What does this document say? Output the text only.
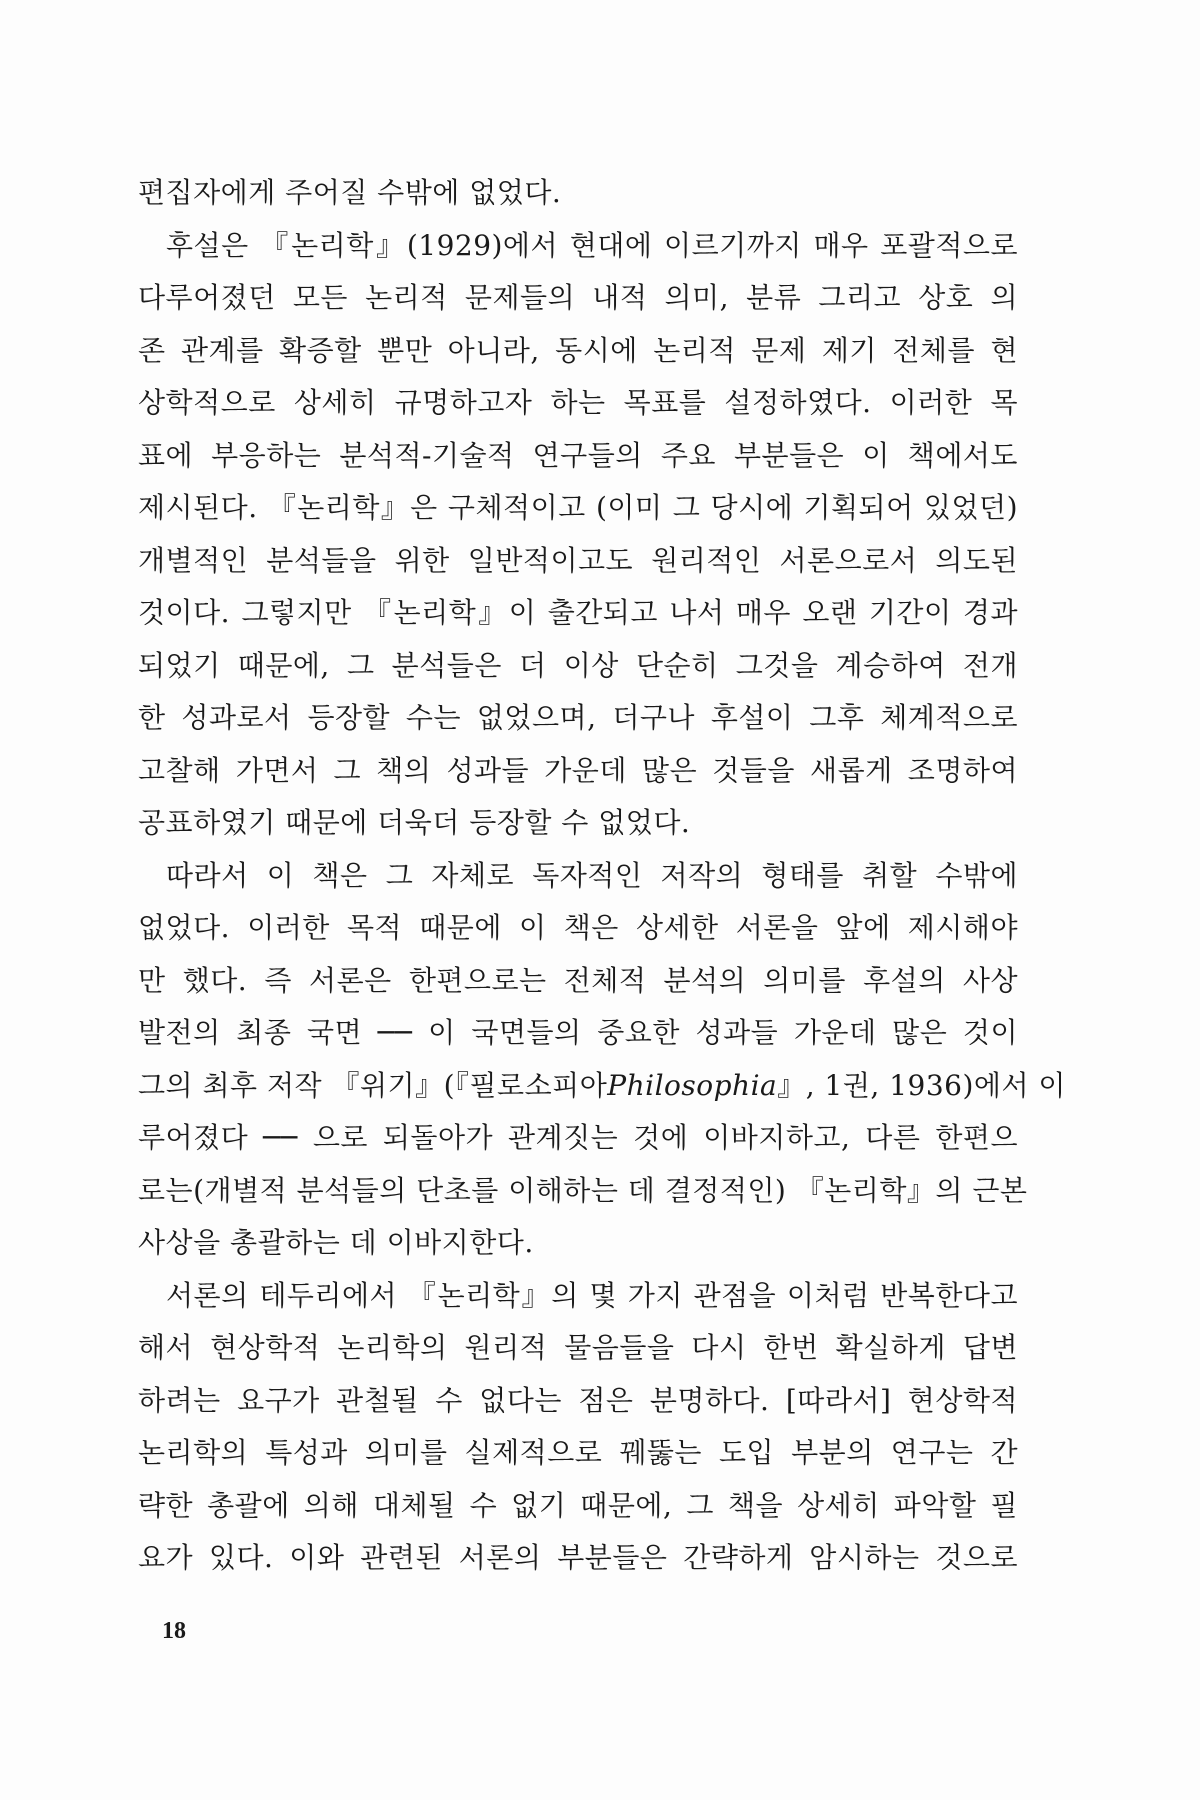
편집자에게 주어질 수밖에 없었다.
후설은 『논리학』(1929)에서 현대에 이르기까지 매우 포괄적으로
다루어졌던 모든 논리적 문제들의 내적 의미, 분류 그리고 상호 의
존 관계를 확증할 뿐만 아니라, 동시에 논리적 문제 제기 전체를 현
상학적으로 상세히 규명하고자 하는 목표를 설정하였다. 이러한 목
표에 부응하는 분석적-기술적 연구들의 주요 부분들은 이 책에서도
제시된다. 『논리학』은 구체적이고 (이미 그 당시에 기획되어 있었던)
개별적인 분석들을 위한 일반적이고도 원리적인 서론으로서 의도된
것이다. 그렇지만 『논리학』이 출간되고 나서 매우 오랜 기간이 경과
되었기 때문에, 그 분석들은 더 이상 단순히 그것을 계승하여 전개
한 성과로서 등장할 수는 없었으며, 더구나 후설이 그후 체계적으로
고찰해 가면서 그 책의 성과들 가운데 많은 것들을 새롭게 조명하여
공표하였기 때문에 더욱더 등장할 수 없었다.
따라서 이 책은 그 자체로 독자적인 저작의 형태를 취할 수밖에
없었다. 이러한 목적 때문에 이 책은 상세한 서론을 앞에 제시해야
만 했다. 즉 서론은 한편으로는 전체적 분석의 의미를 후설의 사상
발전의 최종 국면 ── 이 국면들의 중요한 성과들 가운데 많은 것이
그의 최후 저작 『위기』(『필로소피아Philosophia』, 1권, 1936)에서 이
루어졌다 ── 으로 되돌아가 관계짓는 것에 이바지하고, 다른 한편으
로는(개별적 분석들의 단초를 이해하는 데 결정적인) 『논리학』의 근본
사상을 총괄하는 데 이바지한다.
서론의 테두리에서 『논리학』의 몇 가지 관점을 이처럼 반복한다고
해서 현상학적 논리학의 원리적 물음들을 다시 한번 확실하게 답변
하려는 요구가 관철될 수 없다는 점은 분명하다. [따라서] 현상학적
논리학의 특성과 의미를 실제적으로 꿰뚫는 도입 부분의 연구는 간
략한 총괄에 의해 대체될 수 없기 때문에, 그 책을 상세히 파악할 필
요가 있다. 이와 관련된 서론의 부분들은 간략하게 암시하는 것으로
18
